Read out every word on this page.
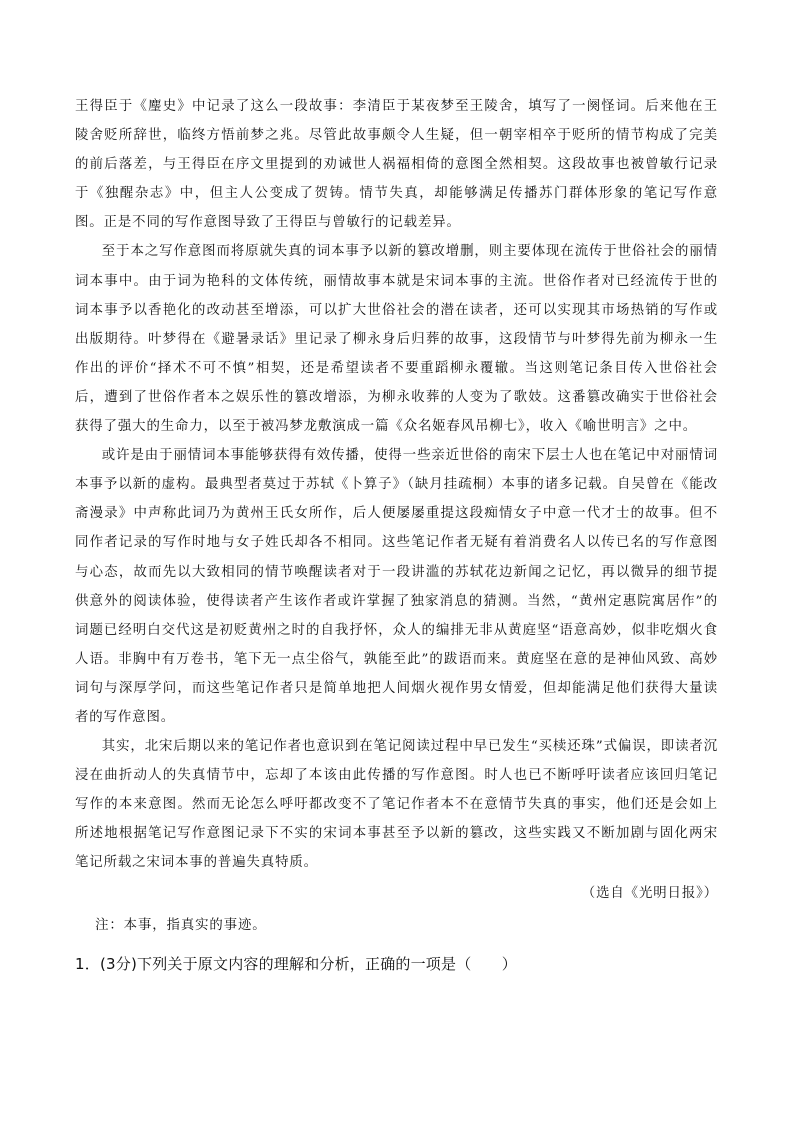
王得臣于《麈史》中记录了这么一段故事：李清臣于某夜梦至王陵舍，填写了一阕怪词。后来他在王陵舍贬所辞世，临终方悟前梦之兆。尽管此故事颇令人生疑，但一朝宰相卒于贬所的情节构成了完美的前后落差，与王得臣在序文里提到的劝诫世人祸福相倚的意图全然相契。这段故事也被曾敏行记录于《独醒杂志》中，但主人公变成了贺铸。情节失真，却能够满足传播苏门群体形象的笔记写作意图。正是不同的写作意图导致了王得臣与曾敏行的记载差异。

至于本之写作意图而将原就失真的词本事予以新的篡改增删，则主要体现在流传于世俗社会的丽情词本事中。由于词为艳科的文体传统，丽情故事本就是宋词本事的主流。世俗作者对已经流传于世的词本事予以香艳化的改动甚至增添，可以扩大世俗社会的潜在读者，还可以实现其市场热销的写作或出版期待。叶梦得在《避暑录话》里记录了柳永身后归葬的故事，这段情节与叶梦得先前为柳永一生作出的评价“择术不可不慎”相契，还是希望读者不要重蹈柳永覆辙。当这则笔记条目传入世俗社会后，遭到了世俗作者本之娱乐性的篡改增添，为柳永收葬的人变为了歌妓。这番篡改确实于世俗社会获得了强大的生命力，以至于被冯梦龙敷演成一篇《众名姬春风吊柳七》，收入《喻世明言》之中。

或许是由于丽情词本事能够获得有效传播，使得一些亲近世俗的南宋下层士人也在笔记中对丽情词本事予以新的虚构。最典型者莫过于苏轼《卜算子》（缺月挂疏桐）本事的诸多记载。自吴曾在《能改斋漫录》中声称此词乃为黄州王氏女所作，后人便屡屡重提这段痴情女子中意一代才士的故事。但不同作者记录的写作时地与女子姓氏却各不相同。这些笔记作者无疑有着消费名人以传已名的写作意图与心态，故而先以大致相同的情节唤醒读者对于一段讲滥的苏轼花边新闻之记忆，再以微异的细节提供意外的阅读体验，使得读者产生该作者或许掌握了独家消息的猜测。当然，“黄州定惠院寓居作”的词题已经明白交代这是初贬黄州之时的自我抒怀，众人的编排无非从黄庭坚“语意高妙，似非吃烟火食人语。非胸中有万卷书，笔下无一点尘俗气，孰能至此”的跋语而来。黄庭坚在意的是神仙风致、高妙词句与深厚学问，而这些笔记作者只是简单地把人间烟火视作男女情爱，但却能满足他们获得大量读者的写作意图。

其实，北宋后期以来的笔记作者也意识到在笔记阅读过程中早已发生“买椟还珠”式偏误，即读者沉浸在曲折动人的失真情节中，忘却了本该由此传播的写作意图。时人也已不断呼吁读者应该回归笔记写作的本来意图。然而无论怎么呼吁都改变不了笔记作者本不在意情节失真的事实，他们还是会如上所述地根据笔记写作意图记录下不实的宋词本事甚至予以新的篡改，这些实践又不断加剧与固化两宋笔记所载之宋词本事的普遍失真特质。

（选自《光明日报》）

注：本事，指真实的事迹。

1．(3分)下列关于原文内容的理解和分析，正确的一项是（　　）
